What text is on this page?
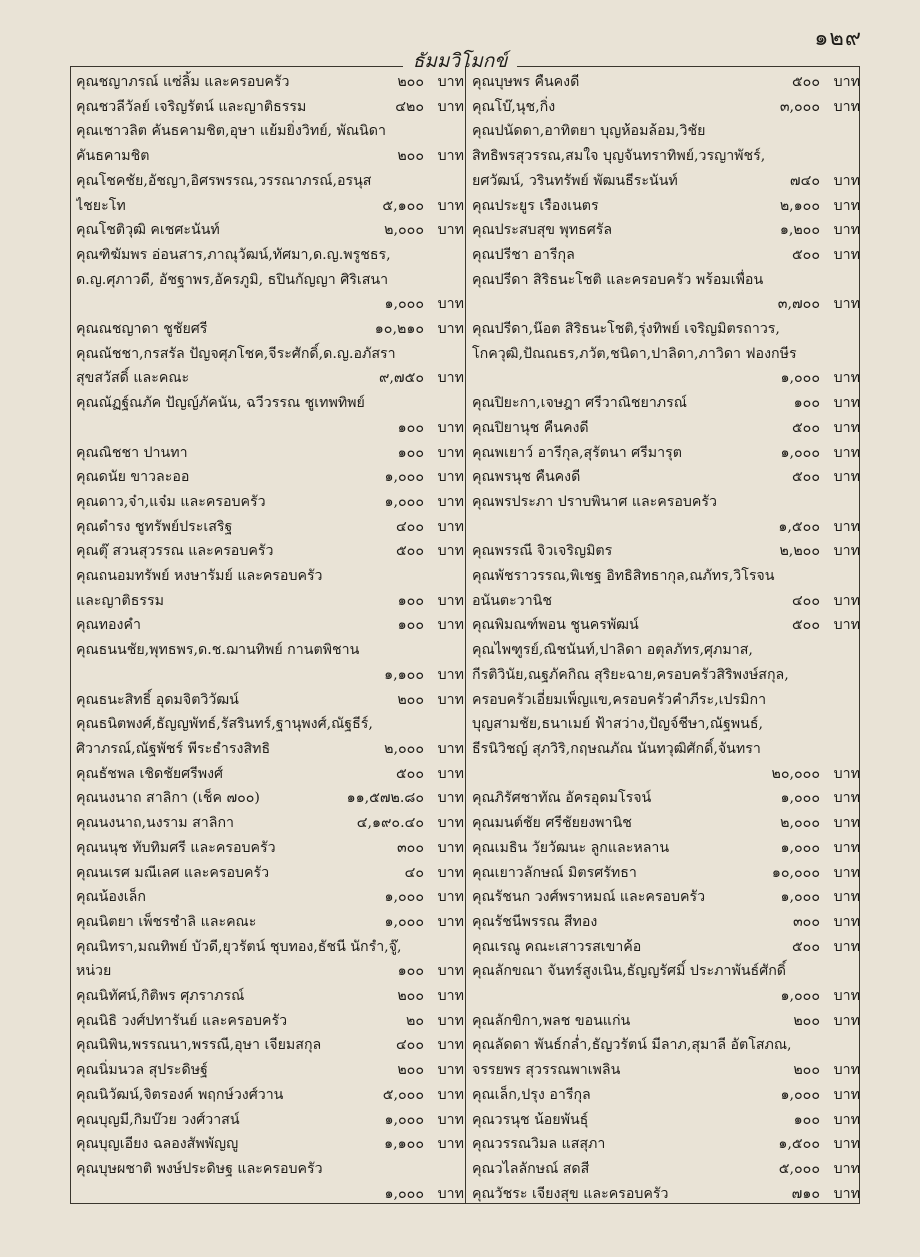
๑๒๙
ธัมมวิโมกข์
คุณชญาภรณ์ แซ่ลิ้ม และครอบครัว	๒๐๐ บาท
คุณชวลีวัลย์ เจริญรัตน์ และญาติธรรม	๔๒๐ บาท
คุณเชาวลิต คันธคามชิต,อุษา แย้มยิ่งวิทย์, พัณนิดา
คันธคามชิต	๒๐๐ บาท
คุณโชคชัย,อัชญา,อิศรพรรณ,วรรณาภรณ์,อรนุส
ไชยะโท	๕,๑๐๐ บาท
คุณโชติวุฒิ คเชศะนันท์	๒,๐๐๐ บาท
คุณฑิฆัมพร อ่อนสาร,ภาณุวัฒน์,ทัศมา,ด.ญ.พรูชธร,
ด.ญ.ศุภาวดี, อัชฐาพร,อัครภูมิ, ธปินกัญญา ศิริเสนา
๑,๐๐๐ บาท
คุณณชญาดา ชูชัยศรี	๑๐,๒๑๐ บาท
คุณณัชชา,กรสรัล ปัญจศุภโชค,จีระศักดิ์,ด.ญ.อภัสรา
สุขสวัสดิ์ และคณะ	๙,๗๕๐ บาท
คุณณัฏฐ์ณภัค ปัญญ์ภัคนัน, ฉวีวรรณ ชูเทพทิพย์
๑๐๐ บาท
คุณณิชชา ปานทา	๑๐๐ บาท
คุณดนัย ขาวละออ	๑,๐๐๐ บาท
คุณดาว,จ๋า,แจ๋ม และครอบครัว	๑,๐๐๐ บาท
คุณดำรง ชูทรัพย์ประเสริฐ	๔๐๐ บาท
คุณตุ๊ สวนสุวรรณ และครอบครัว	๕๐๐ บาท
คุณถนอมทรัพย์ หงษารัมย์ และครอบครัว
และญาติธรรม	๑๐๐ บาท
คุณทองคำ	๑๐๐ บาท
คุณธนนชัย,พุทธพร,ด.ช.ฌานทิพย์ กานตพิชาน
๑,๑๐๐ บาท
คุณธนะสิทธิ์ อุดมจิตวิวัฒน์	๒๐๐ บาท
คุณธนิตพงศ์,ธัญญพัทธ์,รัสรินทร์,ฐานุพงศ์,ณัฐธีร์,
ศิวาภรณ์,ณัฐพัชร์ พีระธำรงสิทธิ	๒,๐๐๐ บาท
คุณธัชพล เชิดชัยศรีพงศ์	๕๐๐ บาท
คุณนงนาถ สาลิกา (เช็ค ๗๐๐)	๑๑,๕๗๒.๘๐ บาท
คุณนงนาถ,นงราม สาลิกา	๔,๑๙๐.๔๐ บาท
คุณนนุช ทับทิมศรี และครอบครัว	๓๐๐ บาท
คุณนเรศ มณีเลศ และครอบครัว	๔๐ บาท
คุณน้องเล็ก	๑,๐๐๐ บาท
คุณนิตยา เพ็ชรชำลิ และคณะ	๑,๐๐๐ บาท
คุณนิทรา,มณทิพย์ บัวดี,ยุวรัตน์ ชุบทอง,ธัชนี นักรำ,จู๊,
หน่วย	๑๐๐ บาท
คุณนิทัศน์,กิติพร ศุภราภรณ์	๒๐๐ บาท
คุณนิธิ วงศ์ปทารันย์ และครอบครัว	๒๐ บาท
คุณนิพิน,พรรณนา,พรรณี,อุษา เจียมสกุล	๔๐๐ บาท
คุณนิ่มนวล สุประดิษฐ์	๒๐๐ บาท
คุณนิวัฒน์,จิตรองค์ พฤกษ์วงศ์วาน	๕,๐๐๐ บาท
คุณบุญมี,กิมบ๊วย วงศ์วาสน์	๑,๐๐๐ บาท
คุณบุญเอียง ฉลองสัพพัญญู	๑,๑๐๐ บาท
คุณบุษผชาติ พงษ์ประดิษฐ และครอบครัว
๑,๐๐๐ บาท
คุณบุษพร คืนคงดี	๕๐๐ บาท
คุณโบ๊,นุช,กิ่ง	๓,๐๐๐ บาท
คุณปนัดดา,อาทิตยา บุญห้อมล้อม,วิชัย
สิทธิพรสุวรรณ,สมใจ บุญจันทราทิพย์,วรญาพัชร์,
ยศวัฒน์, วรินทรัพย์ พัฒนธีระนันท์	๗๔๐ บาท
คุณประยูร เรืองเนตร	๒,๑๐๐ บาท
คุณประสบสุข พุทธศรัล	๑,๒๐๐ บาท
คุณปรีชา อารีกุล	๕๐๐ บาท
คุณปรีดา สิริธนะโชติ และครอบครัว พร้อมเพื่อน
๓,๗๐๐ บาท
คุณปรีดา,น๊อต สิริธนะโชติ,รุ่งทิพย์ เจริญมิตรถาวร,
โกควุฒิ,ปัณณธร,ภวัต,ชนิดา,ปาลิดา,ภาวิดา ฟองกษีร
๑,๐๐๐ บาท
คุณปิยะกา,เจษฎา ศรีวาณิชยาภรณ์	๑๐๐ บาท
คุณปิยานุช คืนคงดี	๕๐๐ บาท
คุณพเยาว์ อารีกุล,สุรัตนา ศรีมารุต	๑,๐๐๐ บาท
คุณพรนุช คืนคงดี	๕๐๐ บาท
คุณพรประภา ปราบพินาศ และครอบครัว
๑,๕๐๐ บาท
คุณพรรณี จิวเจริญมิตร	๒,๒๐๐ บาท
คุณพัชราวรรณ,พิเชฐ อิทธิสิทธากุล,ณภัทร,วิโรจน
อนันตะวานิช	๔๐๐ บาท
คุณพิมณฑ์พอน ชูนครพัฒน์	๕๐๐ บาท
คุณไพฑูรย์,ณิชนันท์,ปาลิดา อตุลภัทร,ศุภมาส,
กีรติวินัย,ณฐภัคกิณ สุริยะฉาย,ครอบครัวสิริพงษ์สกุล,
ครอบครัวเอี่ยมเพ็ญแข,ครอบครัวคำภีระ,เปรมิกา
บุญสามชัย,ธนาเมย์ ฟ้าสว่าง,ปัญจ์ชีษา,ณัฐพนธ์,
ธีรนิวิชญ์ สุภวิริ,กฤษณภัณ นันทวุฒิศักดิ์,จันทรา
๒๐,๐๐๐ บาท
คุณภิรัศชาทัณ อัครอุดมโรจน์	๑,๐๐๐ บาท
คุณมนต์ชัย ศรีชัยยงพานิช	๒,๐๐๐ บาท
คุณเมธิน วัยวัฒนะ ลูกและหลาน	๑,๐๐๐ บาท
คุณเยาวลักษณ์ มิตรศรัทธา	๑๐,๐๐๐ บาท
คุณรัชนก วงศ์พราหมณ์ และครอบครัว	๑,๐๐๐ บาท
คุณรัชนีพรรณ สีทอง	๓๐๐ บาท
คุณเรณู คณะเสาวรสเขาค้อ	๕๐๐ บาท
คุณลักขณา จันทร์สูงเนิน,ธัญญรัศมิ์ ประภาพันธ์ศักดิ์
๑,๐๐๐ บาท
คุณลักขิกา,พลช ขอนแก่น	๒๐๐ บาท
คุณลัดดา พันธ์กล่ำ,ธัญวรัตน์ มีลาภ,สุมาลี อัตโสภณ,
จรรยพร สุวรรณพาเพลิน	๒๐๐ บาท
คุณเล็ก,ปรุง อารีกุล	๑,๐๐๐ บาท
คุณวรนุช น้อยพันธุ์	๑๐๐ บาท
คุณวรรณวิมล แสสุภา	๑,๕๐๐ บาท
คุณวไลลักษณ์ สดสี	๕,๐๐๐ บาท
คุณวัชระ เจียงสุข และครอบครัว	๗๑๐ บาท
